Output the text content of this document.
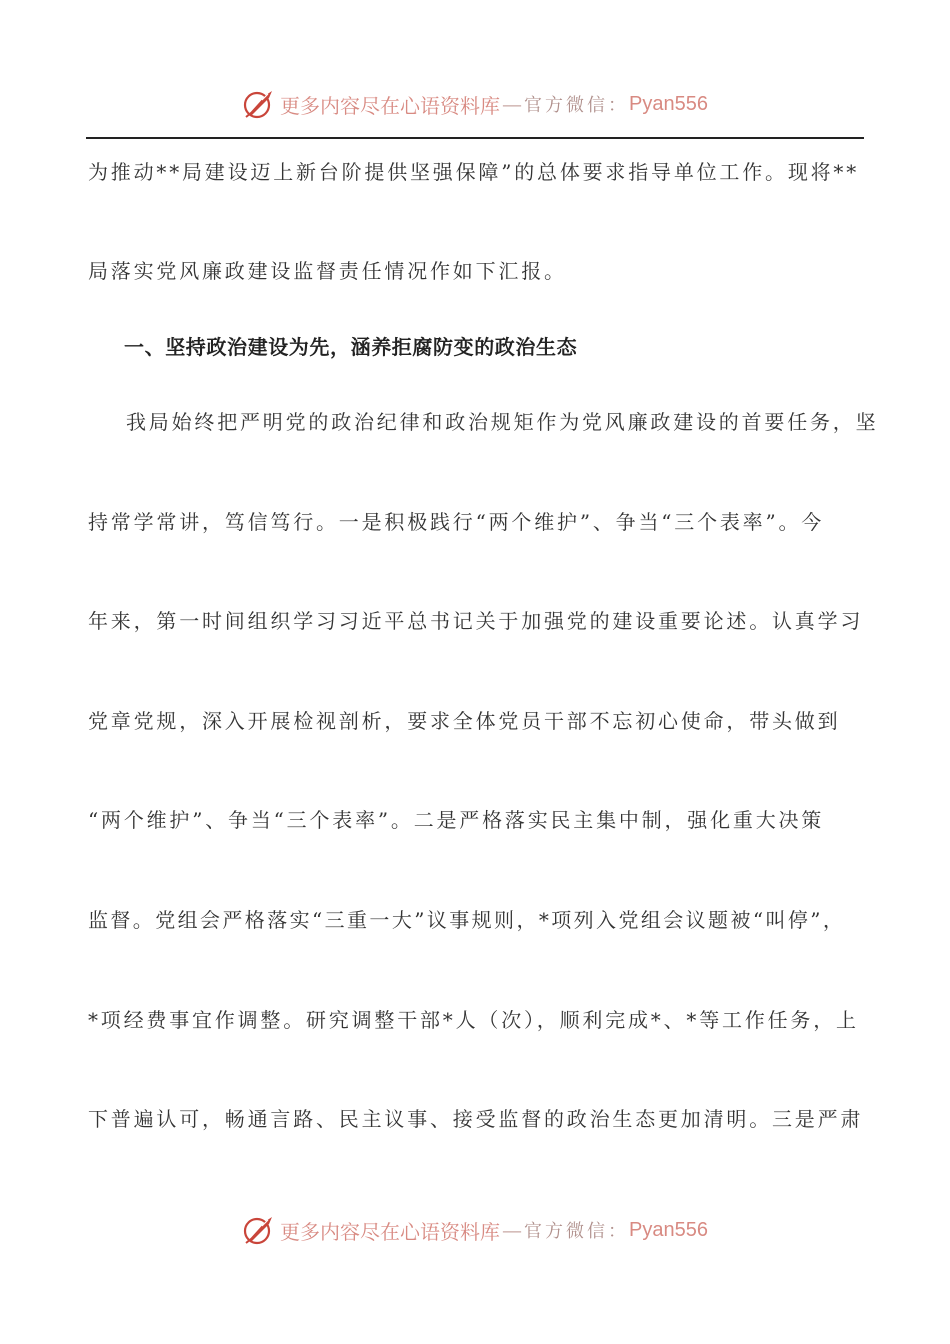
更多内容尽在心语资料库 — 官方微信： Pyan556
为推动**局建设迈上新台阶提供坚强保障”的总体要求指导单位工作。现将**
局落实党风廉政建设监督责任情况作如下汇报。
一、坚持政治建设为先，涵养拒腐防变的政治生态
我局始终把严明党的政治纪律和政治规矩作为党风廉政建设的首要任务，坚
持常学常讲，笃信笃行。一是积极践行“两个维护”、争当“三个表率”。今
年来，第一时间组织学习习近平总书记关于加强党的建设重要论述。认真学习
党章党规，深入开展检视剖析，要求全体党员干部不忘初心使命，带头做到
“两个维护”、争当“三个表率”。二是严格落实民主集中制，强化重大决策
监督。党组会严格落实“三重一大”议事规则，*项列入党组会议题被“叫停”，
*项经费事宜作调整。研究调整干部*人（次），顺利完成*、*等工作任务，上
下普遍认可，畅通言路、民主议事、接受监督的政治生态更加清明。三是严肃
更多内容尽在心语资料库 — 官方微信： Pyan556
